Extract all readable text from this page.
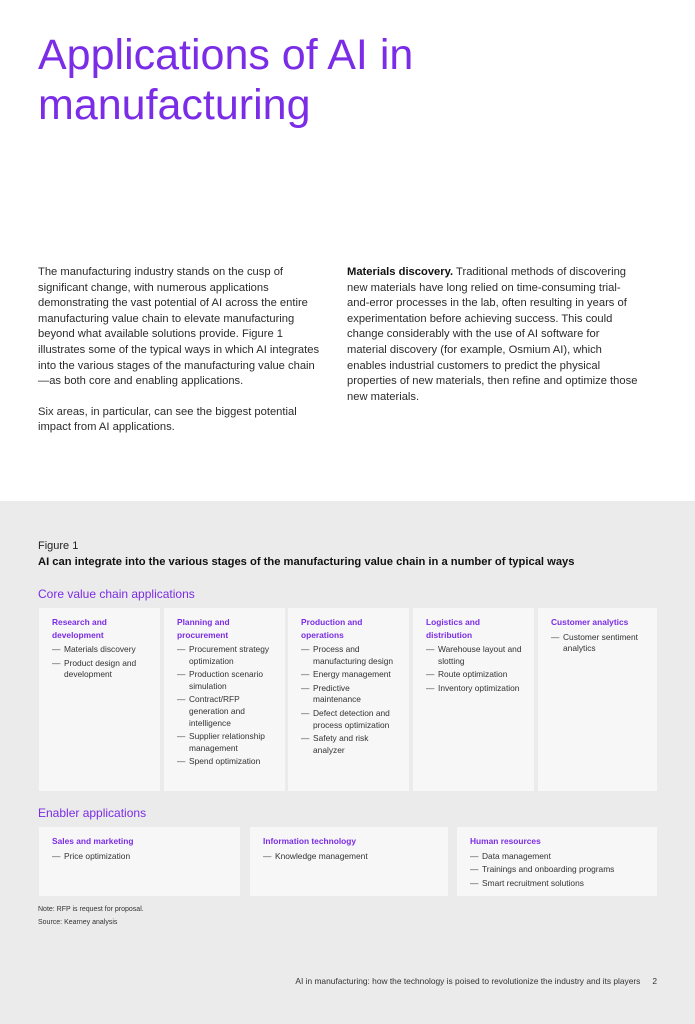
Applications of AI in manufacturing

The manufacturing industry stands on the cusp of significant change, with numerous applications demonstrating the vast potential of AI across the entire manufacturing value chain to elevate manufacturing beyond what available solutions provide. Figure 1 illustrates some of the typical ways in which AI integrates into the various stages of the manufacturing value chain—as both core and enabling applications.

Six areas, in particular, can see the biggest potential impact from AI applications.

Materials discovery. Traditional methods of discovering new materials have long relied on time-consuming trial-and-error processes in the lab, often resulting in years of experimentation before achieving success. This could change considerably with the use of AI software for material discovery (for example, Osmium AI), which enables industrial customers to predict the physical properties of new materials, then refine and optimize those new materials.

Figure 1
AI can integrate into the various stages of the manufacturing value chain in a number of typical ways
Core value chain applications
Research and development
— Materials discovery
— Product design and development
Planning and procurement
— Procurement strategy optimization
— Production scenario simulation
— Contract/RFP generation and intelligence
— Supplier relationship management
— Spend optimization
Production and operations
— Process and manufacturing design
— Energy management
— Predictive maintenance
— Defect detection and process optimization
— Safety and risk analyzer
Logistics and distribution
— Warehouse layout and slotting
— Route optimization
— Inventory optimization
Customer analytics
— Customer sentiment analytics
Enabler applications
Sales and marketing
— Price optimization
Information technology
— Knowledge management
Human resources
— Data management
— Trainings and onboarding programs
— Smart recruitment solutions
Note: RFP is request for proposal.
Source: Kearney analysis
AI in manufacturing: how the technology is poised to revolutionize the industry and its players 2
